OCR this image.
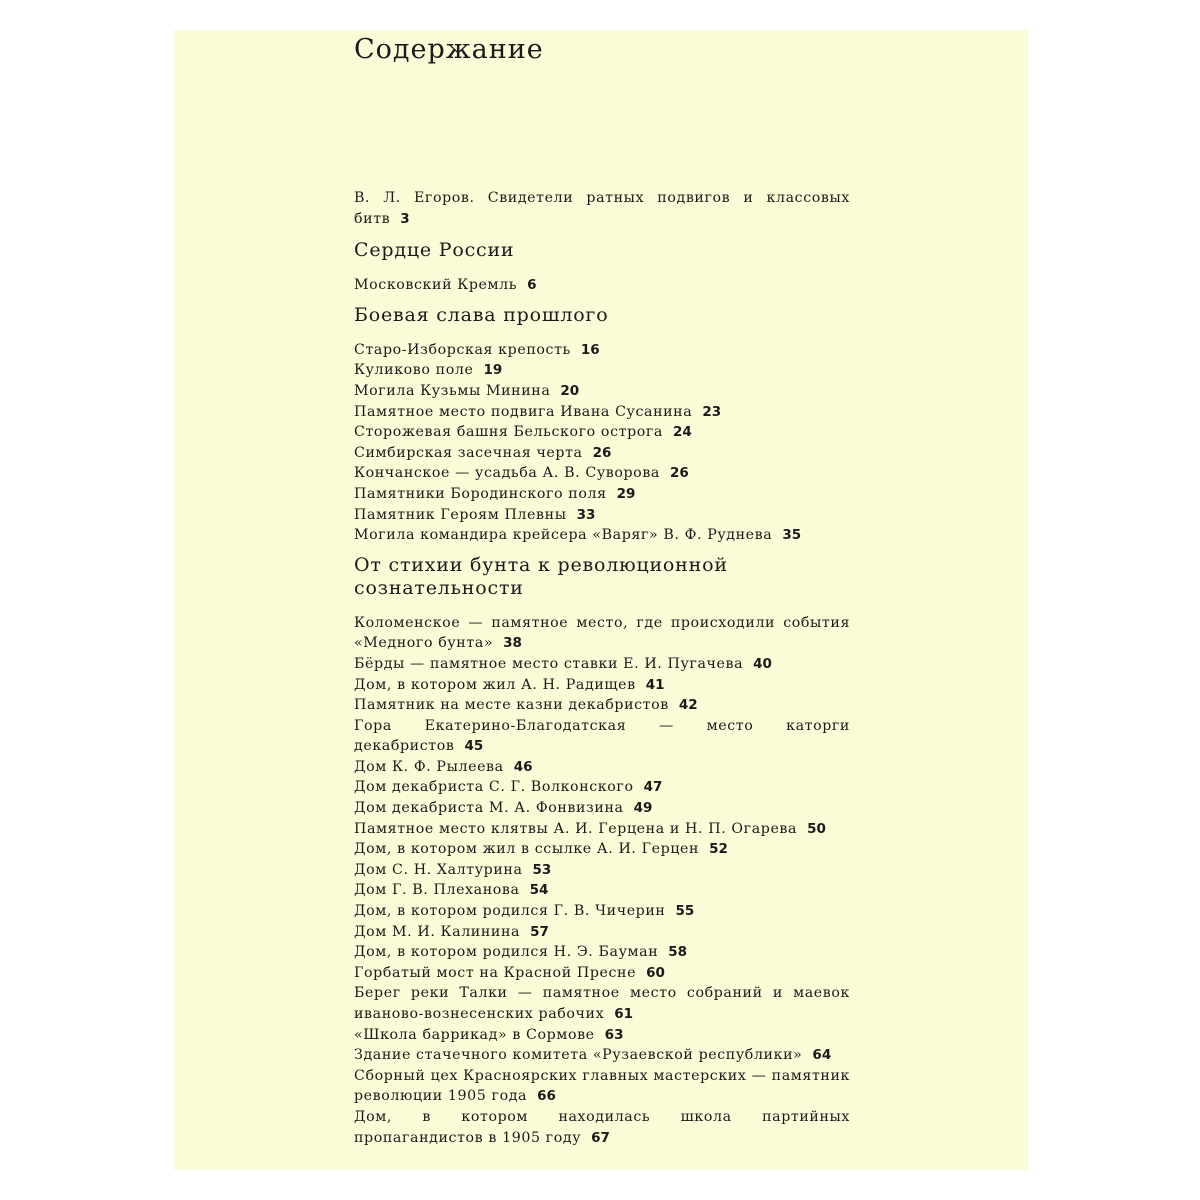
Содержание

В. Л. Егоров. Свидетели ратных подвигов и классовых битв 3

Сердце России

Московский Кремль 6

Боевая слава прошлого

Старо-Изборская крепость 16

Куликово поле 19

Могила Кузьмы Минина 20

Памятное место подвига Ивана Сусанина 23

Сторожевая башня Бельского острога 24

Симбирская засечная черта 26

Кончанское — усадьба А. В. Суворова 26

Памятники Бородинского поля 29

Памятник Героям Плевны 33

Могила командира крейсера «Варяг» В. Ф. Руднева 35

От стихии бунта к революционной сознательности

Коломенское — памятное место, где происходили события «Медного бунта» 38

Бёрды — памятное место ставки Е. И. Пугачева 40

Дом, в котором жил А. Н. Радищев 41

Памятник на месте казни декабристов 42

Гора Екатерино-Благодатская — место каторги декабристов 45

Дом К. Ф. Рылеева 46

Дом декабриста С. Г. Волконского 47

Дом декабриста М. А. Фонвизина 49

Памятное место клятвы А. И. Герцена и Н. П. Огарева 50

Дом, в котором жил в ссылке А. И. Герцен 52

Дом С. Н. Халтурина 53

Дом Г. В. Плеханова 54

Дом, в котором родился Г. В. Чичерин 55

Дом М. И. Калинина 57

Дом, в котором родился Н. Э. Бауман 58

Горбатый мост на Красной Пресне 60

Берег реки Талки — памятное место собраний и маевок иваново-вознесенских рабочих 61

«Школа баррикад» в Сормове 63

Здание стачечного комитета «Рузаевской республики» 64

Сборный цех Красноярских главных мастерских — памятник революции 1905 года 66

Дом, в котором находилась школа партийных пропагандистов в 1905 году 67
